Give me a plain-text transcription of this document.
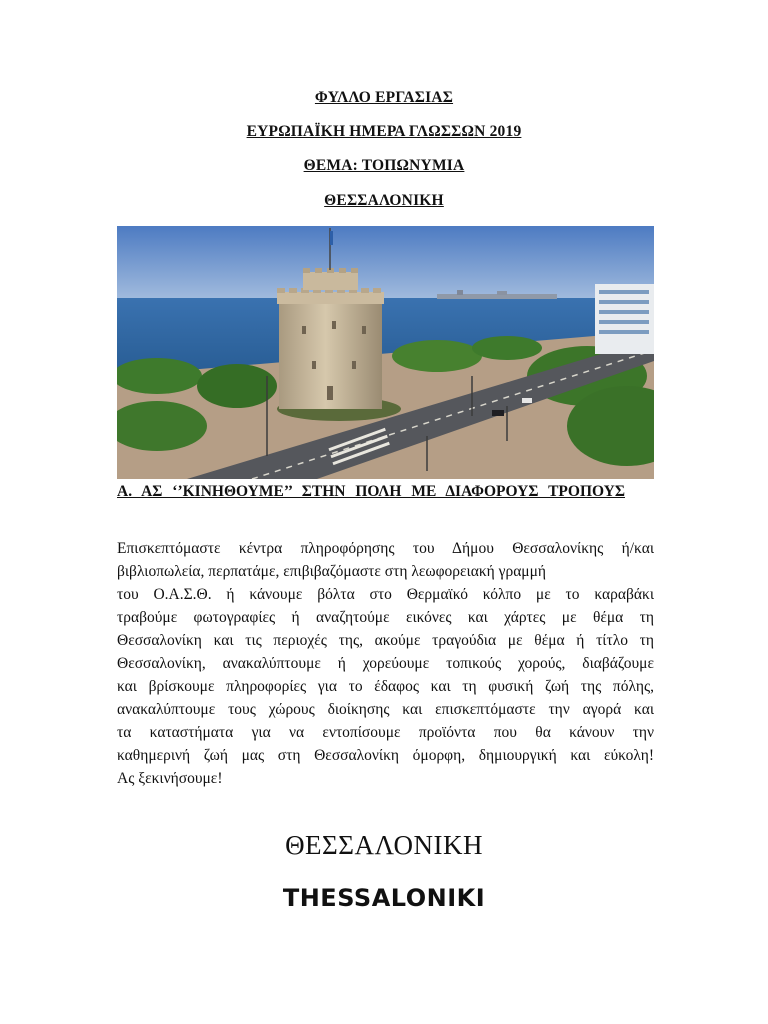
ΦΥΛΛΟ ΕΡΓΑΣΙΑΣ
ΕΥΡΩΠΑΪΚΗ ΗΜΕΡΑ ΓΛΩΣΣΩΝ 2019
ΘΕΜΑ: ΤΟΠΩΝΥΜΙΑ
ΘΕΣΣΑΛΟΝΙΚΗ
Α. ΑΣ ‘’ΚΙΝΗΘΟΥΜΕ’’ ΣΤΗΝ ΠΟΛΗ ΜΕ ΔΙΑΦΟΡΟΥΣ ΤΡΟΠΟΥΣ
Επισκεπτόμαστε κέντρα πληροφόρησης του Δήμου Θεσσαλονίκης ή/και
βιβλιοπωλεία, περπατάμε, επιβιβαζόμαστε στη λεωφορειακή γραμμή
του Ο.Α.Σ.Θ. ή κάνουμε βόλτα στο Θερμαϊκό κόλπο με το καραβάκι
τραβούμε φωτογραφίες ή αναζητούμε εικόνες και χάρτες με θέμα τη
Θεσσαλονίκη και τις περιοχές της, ακούμε τραγούδια με θέμα ή τίτλο τη
Θεσσαλονίκη, ανακαλύπτουμε ή χορεύουμε τοπικούς χορούς, διαβάζουμε
και βρίσκουμε πληροφορίες για το έδαφος και τη φυσική ζωή της πόλης,
ανακαλύπτουμε τους χώρους διοίκησης και επισκεπτόμαστε την αγορά και
τα καταστήματα για να εντοπίσουμε προϊόντα που θα κάνουν την
καθημερινή ζωή μας στη Θεσσαλονίκη όμορφη, δημιουργική και εύκολη!
Ας ξεκινήσουμε!
ΘΕΣΣΑΛΟΝΙΚΗ
THESSALONIKI
